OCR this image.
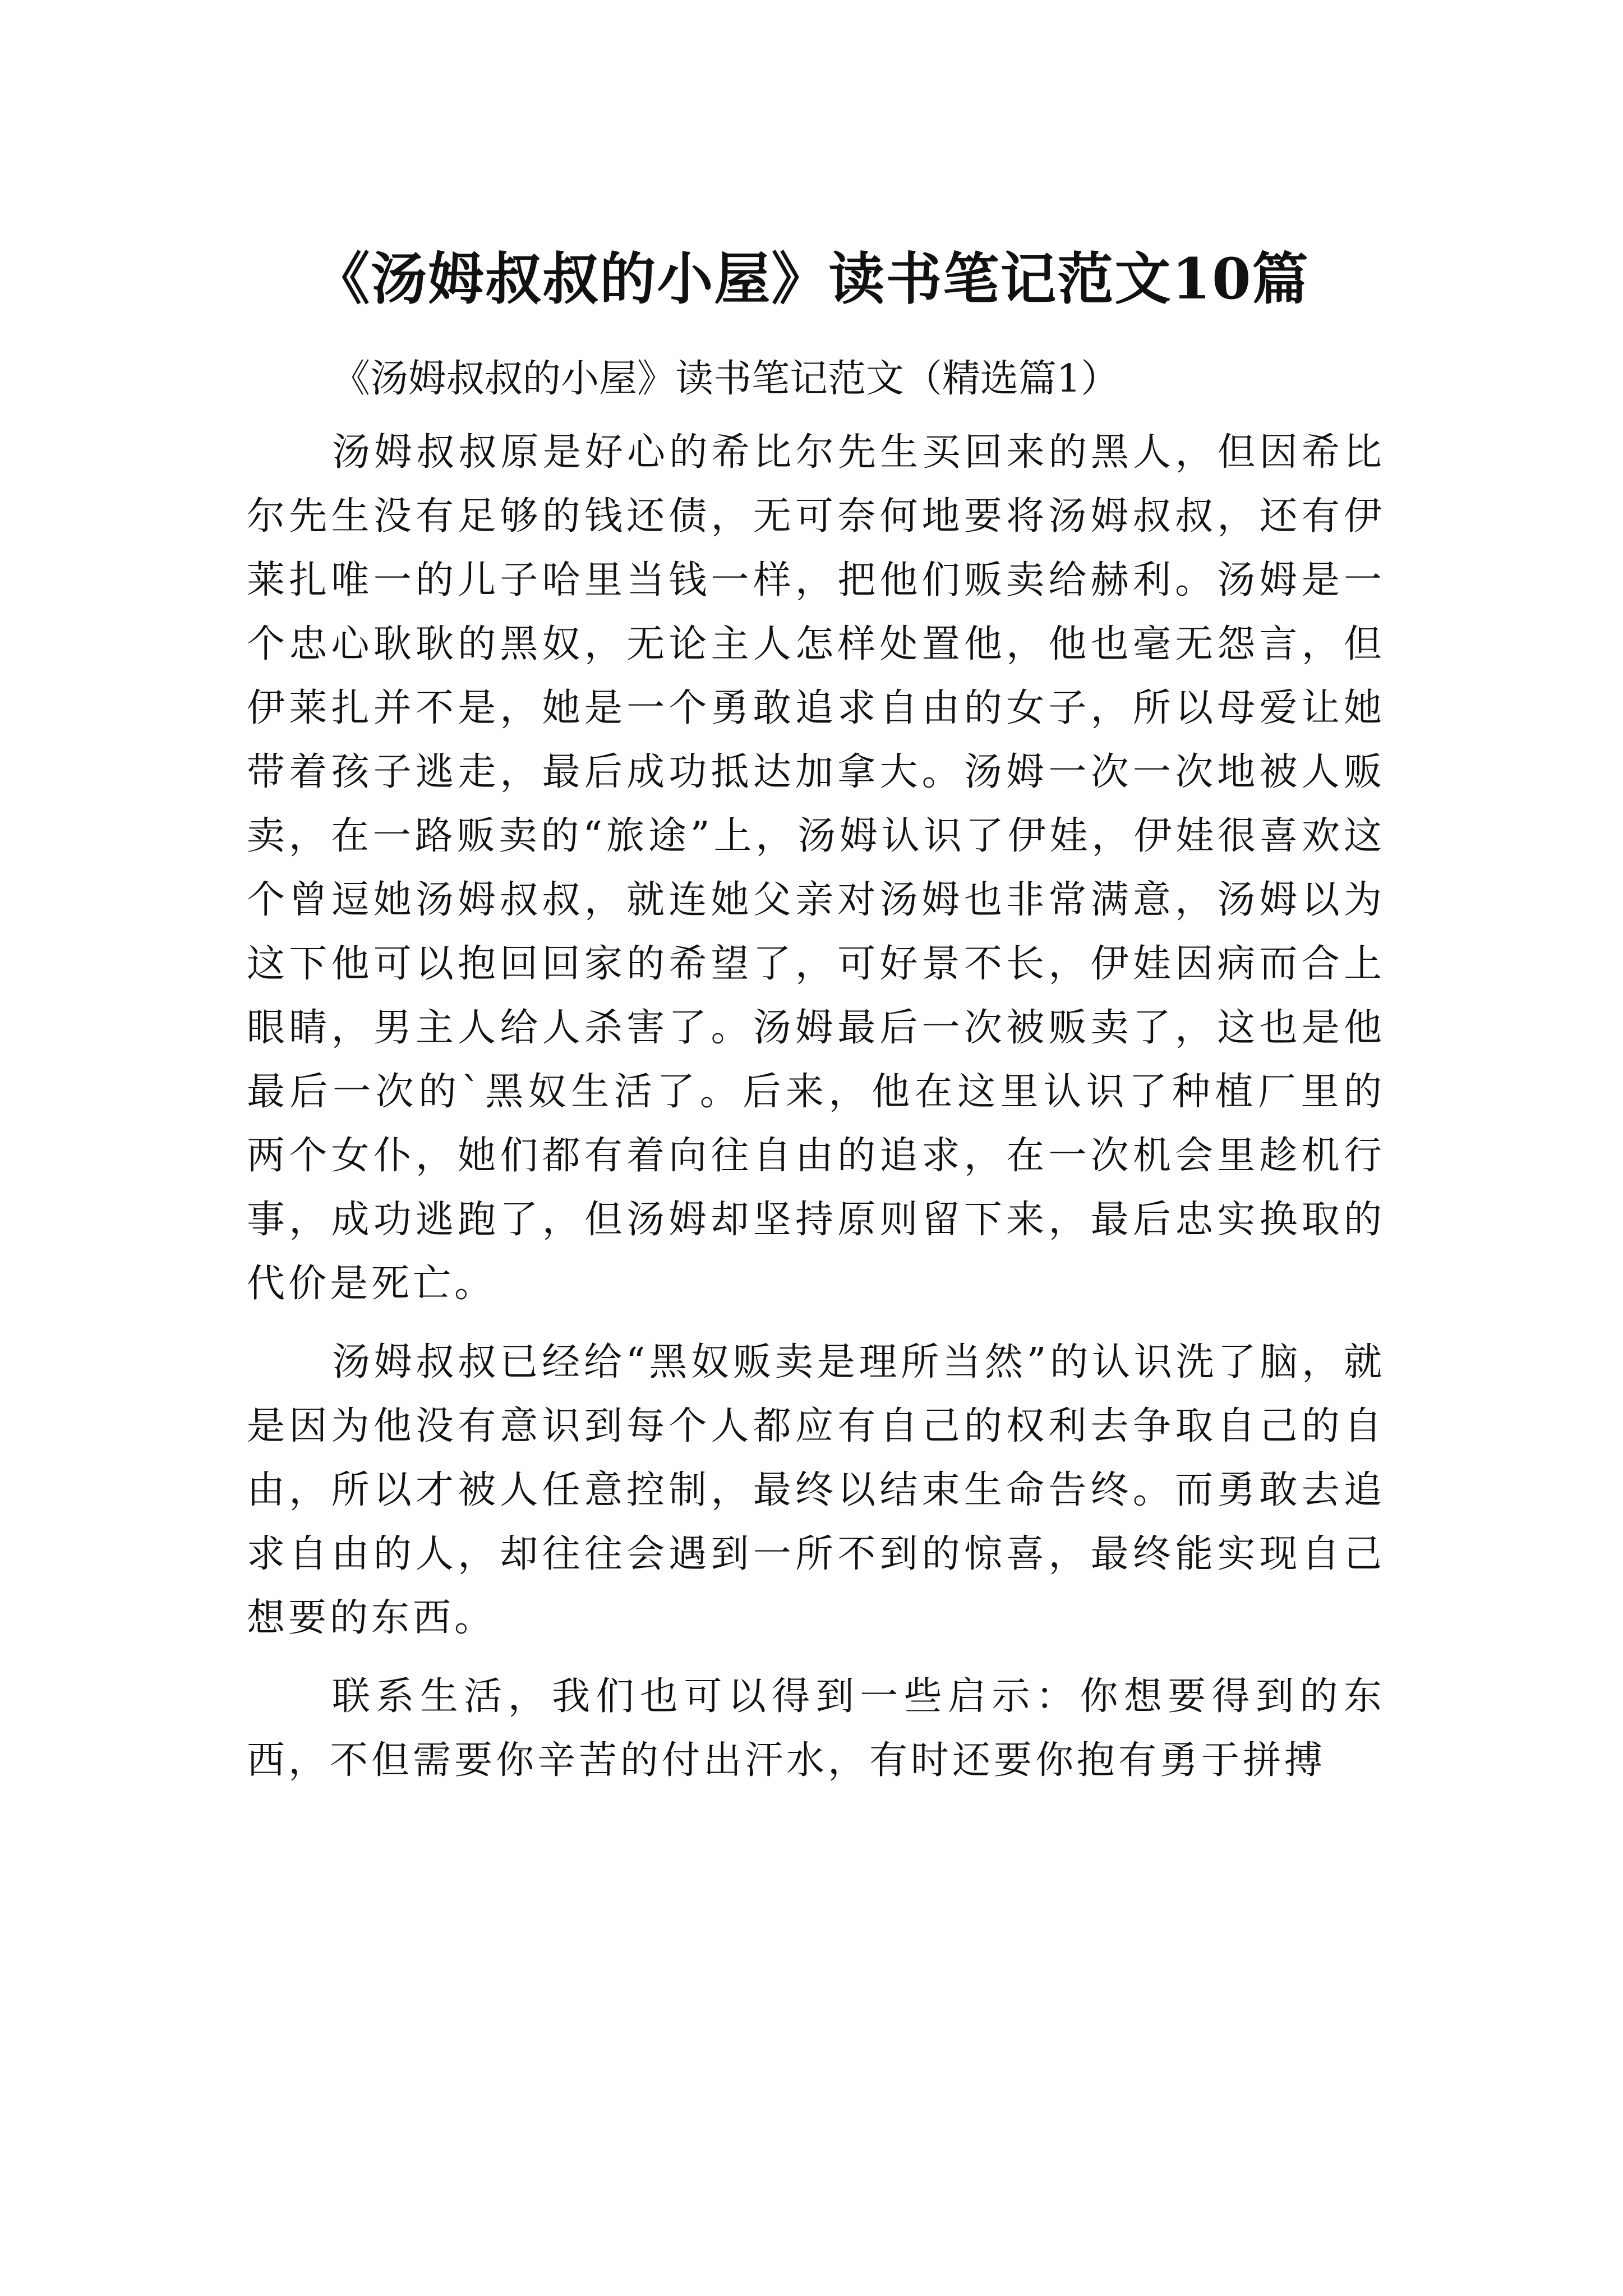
《汤姆叔叔的小屋》读书笔记范文10篇

《汤姆叔叔的小屋》读书笔记范文（精选篇1）

汤姆叔叔原是好心的希比尔先生买回来的黑人，但因希比尔先生没有足够的钱还债，无可奈何地要将汤姆叔叔，还有伊莱扎唯一的儿子哈里当钱一样，把他们贩卖给赫利。汤姆是一个忠心耿耿的黑奴，无论主人怎样处置他，他也毫无怨言，但伊莱扎并不是，她是一个勇敢追求自由的女子，所以母爱让她带着孩子逃走，最后成功抵达加拿大。汤姆一次一次地被人贩卖，在一路贩卖的“旅途”上，汤姆认识了伊娃，伊娃很喜欢这个曾逗她汤姆叔叔，就连她父亲对汤姆也非常满意，汤姆以为这下他可以抱回回家的希望了，可好景不长，伊娃因病而合上眼睛，男主人给人杀害了。汤姆最后一次被贩卖了，这也是他最后一次的`黑奴生活了。后来，他在这里认识了种植厂里的两个女仆，她们都有着向往自由的追求，在一次机会里趁机行事，成功逃跑了，但汤姆却坚持原则留下来，最后忠实换取的代价是死亡。

汤姆叔叔已经给“黑奴贩卖是理所当然”的认识洗了脑，就是因为他没有意识到每个人都应有自己的权利去争取自己的自由，所以才被人任意控制，最终以结束生命告终。而勇敢去追求自由的人，却往往会遇到一所不到的惊喜，最终能实现自己想要的东西。

联系生活，我们也可以得到一些启示：你想要得到的东西，不但需要你辛苦的付出汗水，有时还要你抱有勇于拼搏
